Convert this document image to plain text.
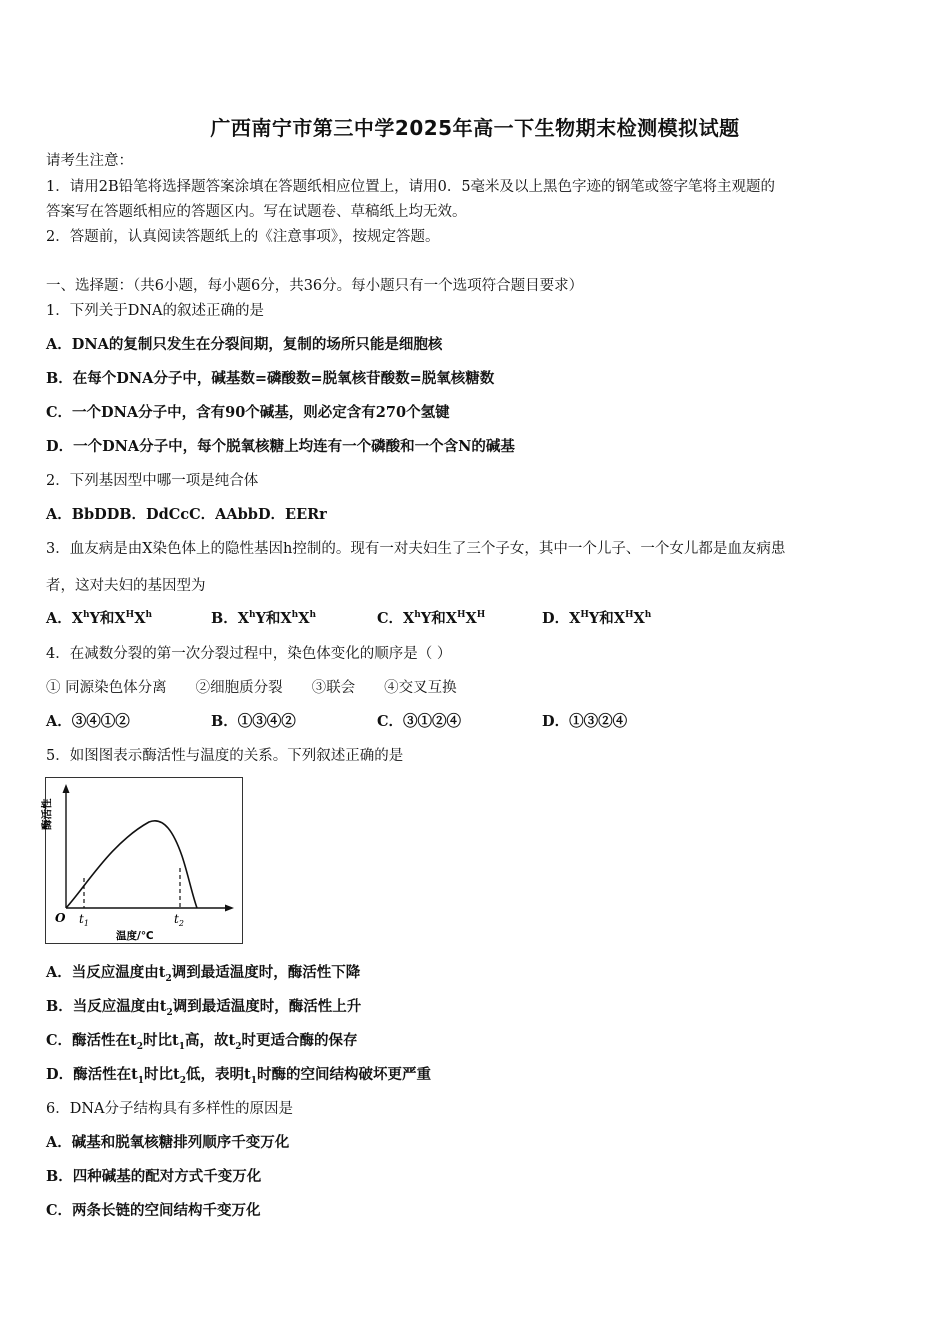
广西南宁市第三中学2025年高一下生物期末检测模拟试题
请考生注意：
1．请用2B铅笔将选择题答案涂填在答题纸相应位置上，请用0．5毫米及以上黑色字迹的钢笔或签字笔将主观题的
答案写在答题纸相应的答题区内。写在试题卷、草稿纸上均无效。
2．答题前，认真阅读答题纸上的《注意事项》，按规定答题。
一、选择题：（共6小题，每小题6分，共36分。每小题只有一个选项符合题目要求）
1．下列关于DNA的叙述正确的是
A．DNA的复制只发生在分裂间期，复制的场所只能是细胞核
B．在每个DNA分子中，碱基数=磷酸数=脱氧核苷酸数=脱氧核糖数
C．一个DNA分子中，含有90个碱基，则必定含有270个氢键
D．一个DNA分子中，每个脱氧核糖上均连有一个磷酸和一个含N的碱基
2．下列基因型中哪一项是纯合体
A．BbDDB．DdCcC．AAbbD．EERr
3．血友病是由X染色体上的隐性基因h控制的。现有一对夫妇生了三个子女，其中一个儿子、一个女儿都是血友病患
者，这对夫妇的基因型为
A．$X^hY$和$X^HX^h$	B．$X^hY$和$X^hX^h$	C．$X^hY$和$X^HX^H$	D．$X^HY$和$X^HX^h$
4．在减数分裂的第一次分裂过程中，染色体变化的顺序是（ ）
① 同源染色体分离　　②细胞质分裂　　③联会　　④交叉互换
A．③④①②	B．①③④②	C．③①②④	D．①③②④
5．如图图表示酶活性与温度的关系。下列叙述正确的是
O $t_1$	$t_2$
温度/℃
酶活性
A．当反应温度由$t_2$调到最适温度时，酶活性下降
B．当反应温度由$t_2$调到最适温度时，酶活性上升
C．酶活性在$t_2$时比$t_1$高，故$t_2$时更适合酶的保存
D．酶活性在$t_1$时比$t_2$低，表明$t_1$时酶的空间结构破坏更严重
6．DNA分子结构具有多样性的原因是
A．碱基和脱氧核糖排列顺序千变万化
B．四种碱基的配对方式千变万化
C．两条长链的空间结构千变万化
